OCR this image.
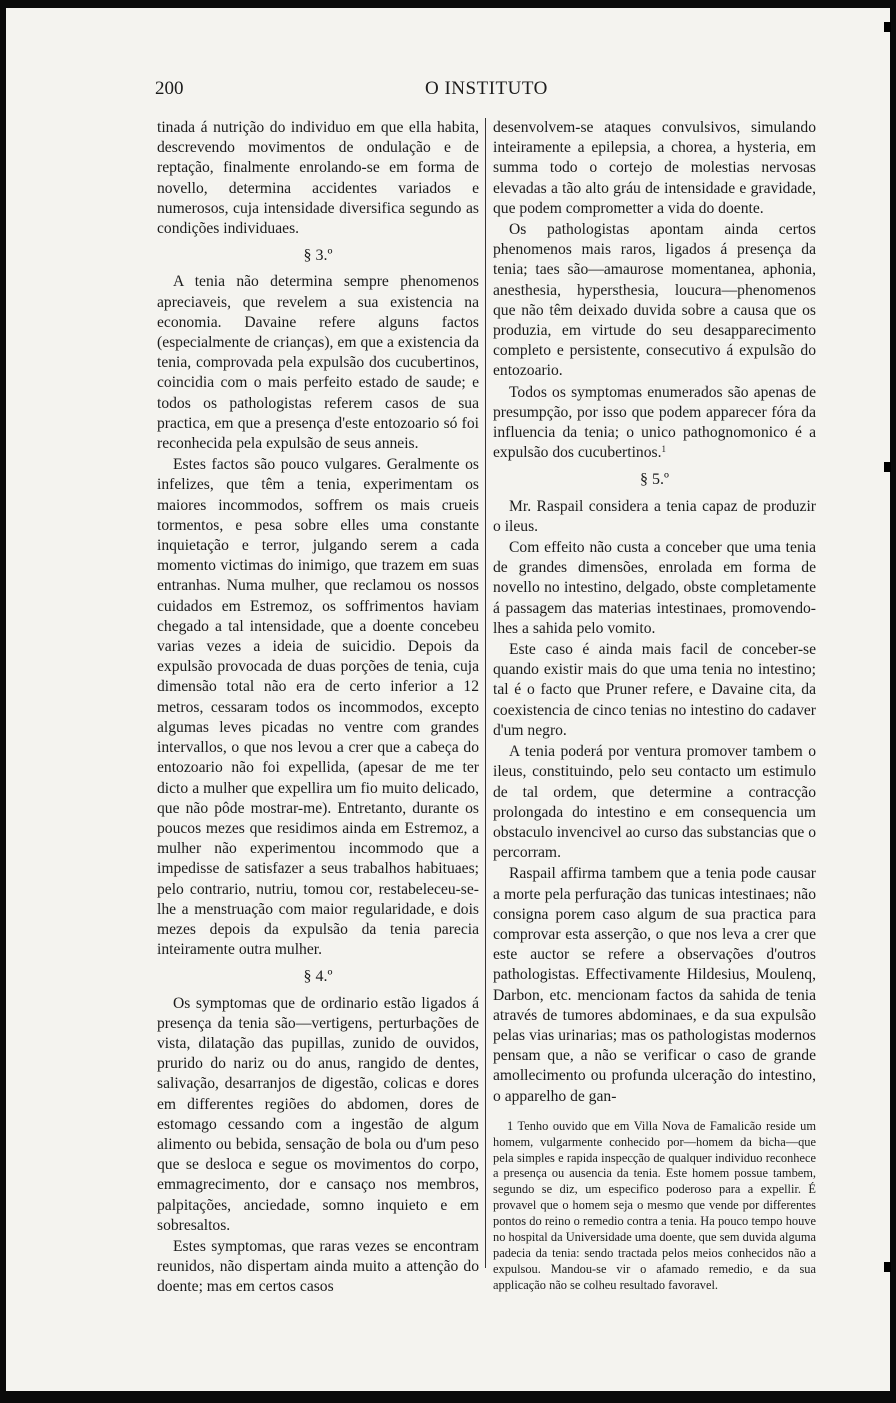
200	O INSTITUTO

tinada á nutrição do individuo em que ella habita, descrevendo movimentos de ondulação e de reptação, finalmente enrolando-se em forma de novello, determina accidentes variados e numerosos, cuja intensidade diversifica segundo as condições individuaes.

§ 3.º

A tenia não determina sempre phenomenos apreciaveis, que revelem a sua existencia na economia. Davaine refere alguns factos (especialmente de crianças), em que a existencia da tenia, comprovada pela expulsão dos cucubertinos, coincidia com o mais perfeito estado de saude; e todos os pathologistas referem casos de sua practica, em que a presença d'este entozoario só foi reconhecida pela expulsão de seus anneis.

Estes factos são pouco vulgares. Geralmente os infelizes, que têm a tenia, experimentam os maiores incommodos, soffrem os mais crueis tormentos, e pesa sobre elles uma constante inquietação e terror, julgando serem a cada momento victimas do inimigo, que trazem em suas entranhas. Numa mulher, que reclamou os nossos cuidados em Estremoz, os soffrimentos haviam chegado a tal intensidade, que a doente concebeu varias vezes a ideia de suicidio. Depois da expulsão provocada de duas porções de tenia, cuja dimensão total não era de certo inferior a 12 metros, cessaram todos os incommodos, excepto algumas leves picadas no ventre com grandes intervallos, o que nos levou a crer que a cabeça do entozoario não foi expellida, (apesar de me ter dicto a mulher que expellira um fio muito delicado, que não pôde mostrar-me). Entretanto, durante os poucos mezes que residimos ainda em Estremoz, a mulher não experimentou incommodo que a impedisse de satisfazer a seus trabalhos habituaes; pelo contrario, nutriu, tomou cor, restabeleceu-se-lhe a menstruação com maior regularidade, e dois mezes depois da expulsão da tenia parecia inteiramente outra mulher.

§ 4.º

Os symptomas que de ordinario estão ligados á presença da tenia são—vertigens, perturbações de vista, dilatação das pupillas, zunido de ouvidos, prurido do nariz ou do anus, rangido de dentes, salivação, desarranjos de digestão, colicas e dores em differentes regiões do abdomen, dores de estomago cessando com a ingestão de algum alimento ou bebida, sensação de bola ou d'um peso que se desloca e segue os movimentos do corpo, emmagrecimento, dor e cansaço nos membros, palpitações, anciedade, somno inquieto e em sobresaltos.

Estes symptomas, que raras vezes se encontram reunidos, não dispertam ainda muito a attenção do doente; mas em certos casos

desenvolvem-se ataques convulsivos, simulando inteiramente a epilepsia, a chorea, a hysteria, em summa todo o cortejo de molestias nervosas elevadas a tão alto gráu de intensidade e gravidade, que podem comprometter a vida do doente.

Os pathologistas apontam ainda certos phenomenos mais raros, ligados á presença da tenia; taes são—amaurose momentanea, aphonia, anesthesia, hypersthesia, loucura—phenomenos que não têm deixado duvida sobre a causa que os produzia, em virtude do seu desapparecimento completo e persistente, consecutivo á expulsão do entozoario.

Todos os symptomas enumerados são apenas de presumpção, por isso que podem apparecer fóra da influencia da tenia; o unico pathognomonico é a expulsão dos cucubertinos.$^1$

§ 5.º

Mr. Raspail considera a tenia capaz de produzir o ileus.

Com effeito não custa a conceber que uma tenia de grandes dimensões, enrolada em forma de novello no intestino, delgado, obste completamente á passagem das materias intestinaes, promovendo-lhes a sahida pelo vomito.

Este caso é ainda mais facil de conceber-se quando existir mais do que uma tenia no intestino; tal é o facto que Pruner refere, e Davaine cita, da coexistencia de cinco tenias no intestino do cadaver d'um negro.

A tenia poderá por ventura promover tambem o ileus, constituindo, pelo seu contacto um estimulo de tal ordem, que determine a contracção prolongada do intestino e em consequencia um obstaculo invencivel ao curso das substancias que o percorram.

Raspail affirma tambem que a tenia pode causar a morte pela perfuração das tunicas intestinaes; não consigna porem caso algum de sua practica para comprovar esta asserção, o que nos leva a crer que este auctor se refere a observações d'outros pathologistas. Effectivamente Hildesius, Moulenq, Darbon, etc. mencionam factos da sahida de tenia através de tumores abdominaes, e da sua expulsão pelas vias urinarias; mas os pathologistas modernos pensam que, a não se verificar o caso de grande amollecimento ou profunda ulceração do intestino, o apparelho de gan-

1 Tenho ouvido que em Villa Nova de Famalicão reside um homem, vulgarmente conhecido por—homem da bicha—que pela simples e rapida inspecção de qualquer individuo reconhece a presença ou ausencia da tenia. Este homem possue tambem, segundo se diz, um especifico poderoso para a expellir. É provavel que o homem seja o mesmo que vende por differentes pontos do reino o remedio contra a tenia. Ha pouco tempo houve no hospital da Universidade uma doente, que sem duvida alguma padecia da tenia: sendo tractada pelos meios conhecidos não a expulsou. Mandou-se vir o afamado remedio, e da sua applicação não se colheu resultado favoravel.
